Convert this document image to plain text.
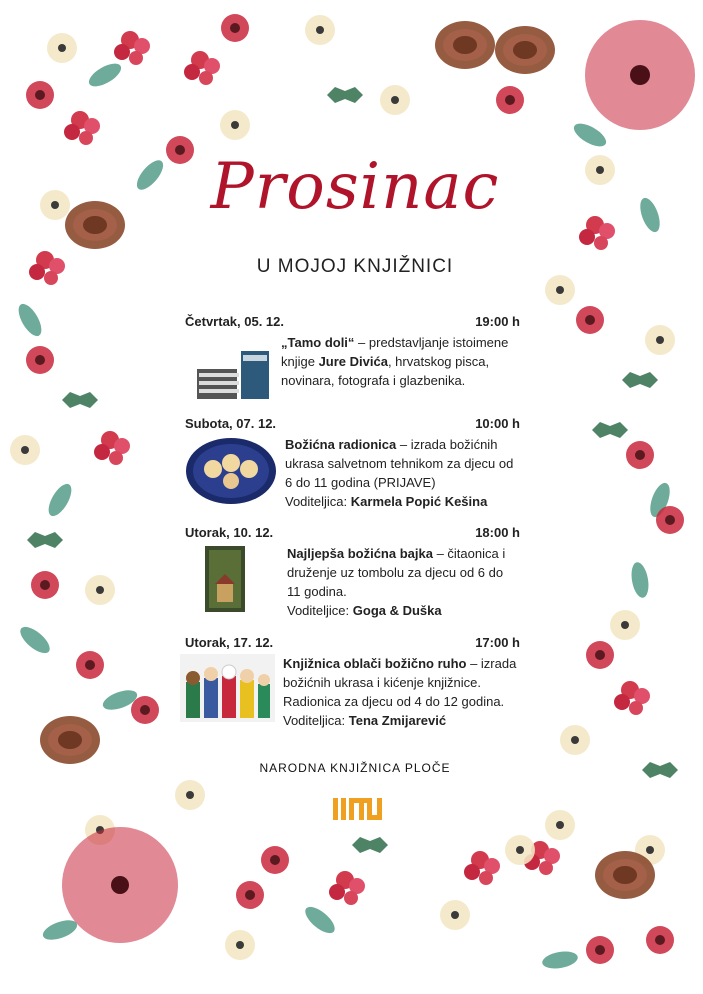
Prosinac
U MOJOJ KNJIŽNICI
Četvrtak, 05. 12.	19:00 h
„Tamo doli“ – predstavljanje istoimene knjige Jure Divića, hrvatskog pisca, novinara, fotografa i glazbenika.
Subota, 07. 12.	10:00 h
Božićna radionica – izrada božićnih ukrasa salvetnom tehnikom za djecu od 6 do 11 godina (PRIJAVE)
Voditeljica: Karmela Popić Kešina
Utorak, 10. 12.	18:00 h
Najljepša božićna bajka – čitaonica i druženje uz tombolu za djecu od 6 do 11 godina.
Voditeljice: Goga & Duška
Utorak, 17. 12.	17:00 h
Knjižnica oblači božično ruho – izrada božićnih ukrasa i kićenje knjižnice. Radionica za djecu od 4 do 12 godina.
Voditeljica: Tena Zmijarević
NARODNA KNJIŽNICA PLOČE
